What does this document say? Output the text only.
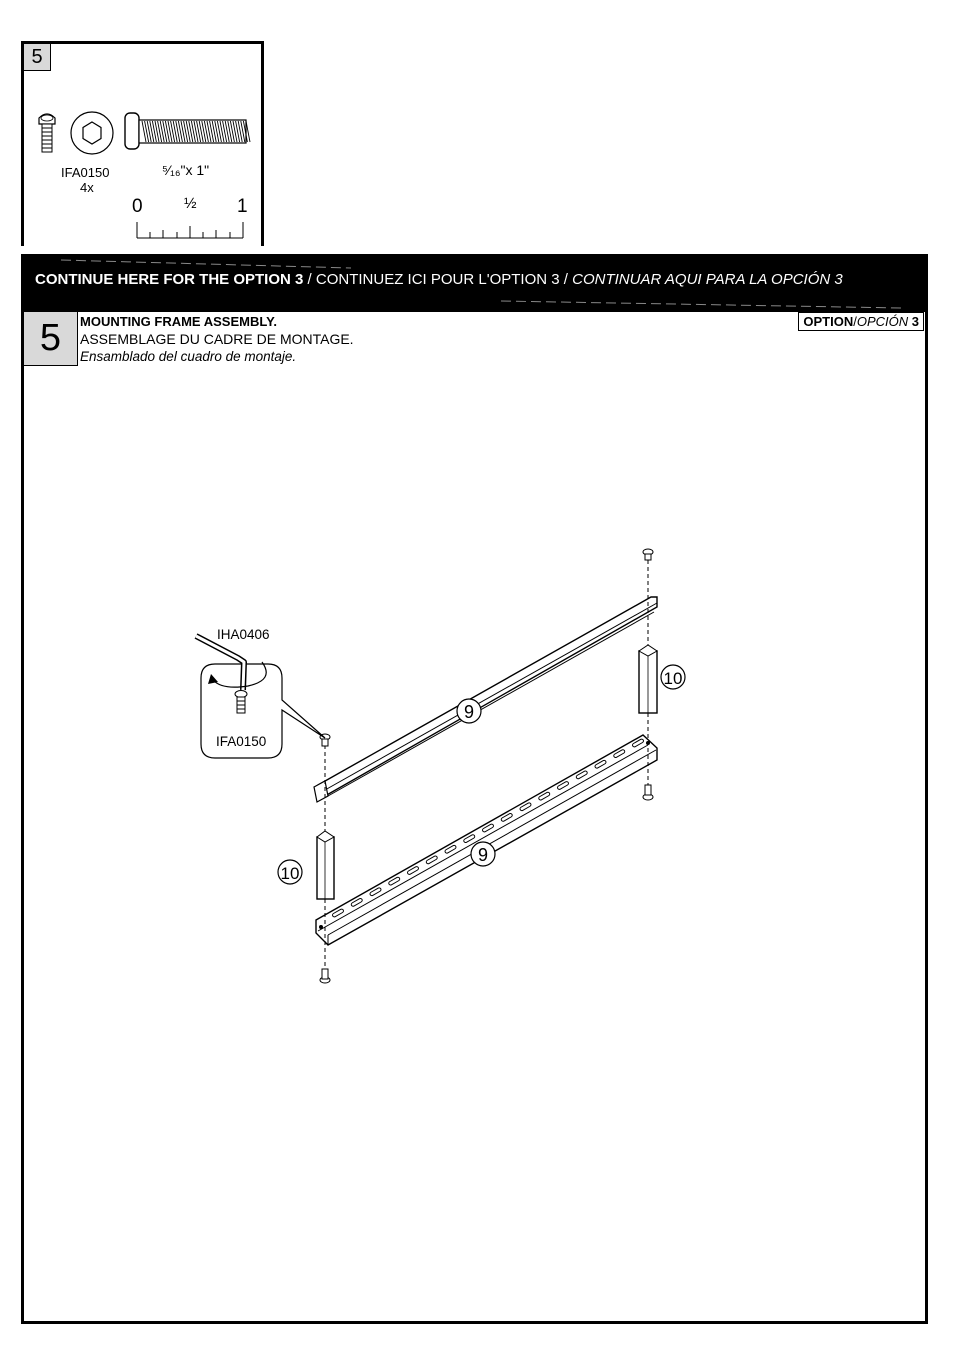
5
IFA0150
4x
⁵⁄₁₆"x 1"
0	½ 1
CONTINUE HERE FOR THE OPTION 3 / CONTINUEZ ICI POUR L'OPTION 3 / CONTINUAR AQUI PARA LA OPCIÓN 3
5	MOUNTING FRAME ASSEMBLY.
ASSEMBLAGE DU CADRE DE MONTAGE.
Ensamblado del cuadro de montaje.
OPTION/OPCIÓN 3
9
9
10
10
IHA0406
IFA0150
